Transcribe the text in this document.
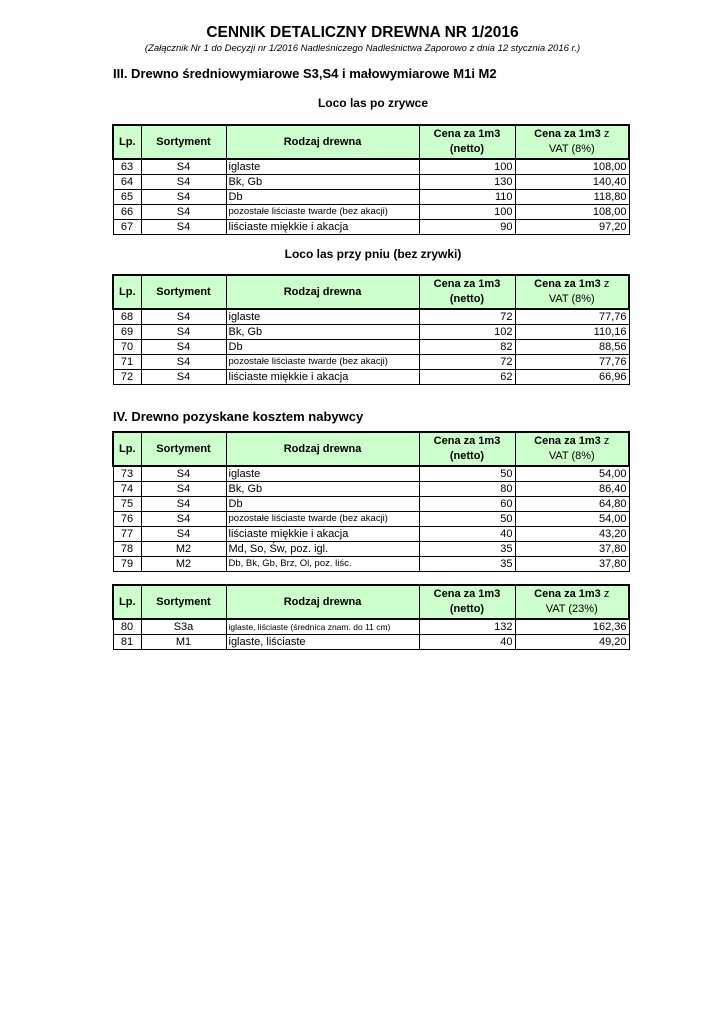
CENNIK DETALICZNY DREWNA NR 1/2016
(Załącznik Nr 1 do Decyzji nr 1/2016 Nadleśniczego Nadleśnictwa Zaporowo z dnia 12 stycznia 2016 r.)
III. Drewno średniowymiarowe S3,S4 i małowymiarowe M1i M2
Loco las po zrywce
Lp.	Sortyment	Rodzaj drewna	Cena za 1m3
(netto)	Cena za 1m3 z
VAT (8%)
63	S4	iglaste	100	108,00
64	S4	Bk, Gb	130	140,40
65	S4	Db	110	118,80
66	S4	pozostałe liściaste twarde (bez akacji)	100	108,00
67	S4	liściaste miękkie i akacja	90	97,20
Loco las przy pniu (bez zrywki)
Lp.	Sortyment	Rodzaj drewna	Cena za 1m3
(netto)	Cena za 1m3 z
VAT (8%)
68	S4	iglaste	72	77,76
69	S4	Bk, Gb	102	110,16
70	S4	Db	82	88,56
71	S4	pozostałe liściaste twarde (bez akacji)	72	77,76
72	S4	liściaste miękkie i akacja	62	66,96
IV. Drewno pozyskane kosztem nabywcy
Lp.	Sortyment	Rodzaj drewna	Cena za 1m3
(netto)	Cena za 1m3 z
VAT (8%)
73	S4	iglaste	50	54,00
74	S4	Bk, Gb	80	86,40
75	S4	Db	60	64,80
76	S4	pozostałe liściaste twarde (bez akacji)	50	54,00
77	S4	liściaste miękkie i akacja	40	43,20
78	M2	Md, So, Św, poz. igl.	35	37,80
79	M2	Db, Bk, Gb, Brz, Ol, poz. liśc.	35	37,80
Lp.	Sortyment	Rodzaj drewna	Cena za 1m3
(netto)	Cena za 1m3 z
VAT (23%)
80	S3a	iglaste, liściaste (średnica znam. do 11 cm)	132	162,36
81	M1	iglaste, liściaste	40	49,20
